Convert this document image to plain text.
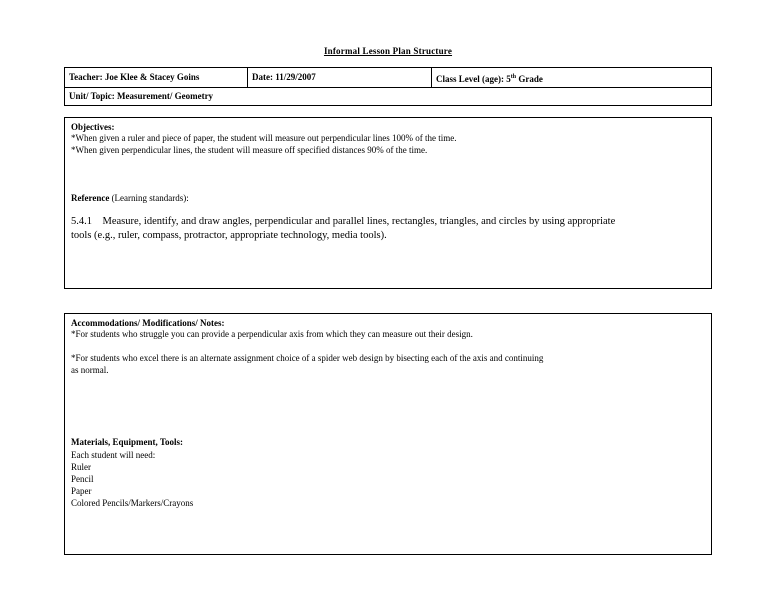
Informal Lesson Plan Structure
Teacher: Joe Klee & Stacey Goins	Date: 11/29/2007	Class Level (age): 5th Grade
Unit/ Topic: Measurement/ Geometry
Objectives:
*When given a ruler and piece of paper, the student will measure out perpendicular lines 100% of the time.
*When given perpendicular lines, the student will measure off specified distances 90% of the time.
Reference (Learning standards):
5.4.1    Measure, identify, and draw angles, perpendicular and parallel lines, rectangles, triangles, and circles by using appropriate
tools (e.g., ruler, compass, protractor, appropriate technology, media tools).
Accommodations/ Modifications/ Notes:
*For students who struggle you can provide a perpendicular axis from which they can measure out their design.
*For students who excel there is an alternate assignment choice of a spider web design by bisecting each of the axis and continuing
as normal.
Materials, Equipment, Tools:
Each student will need:
Ruler
Pencil
Paper
Colored Pencils/Markers/Crayons
